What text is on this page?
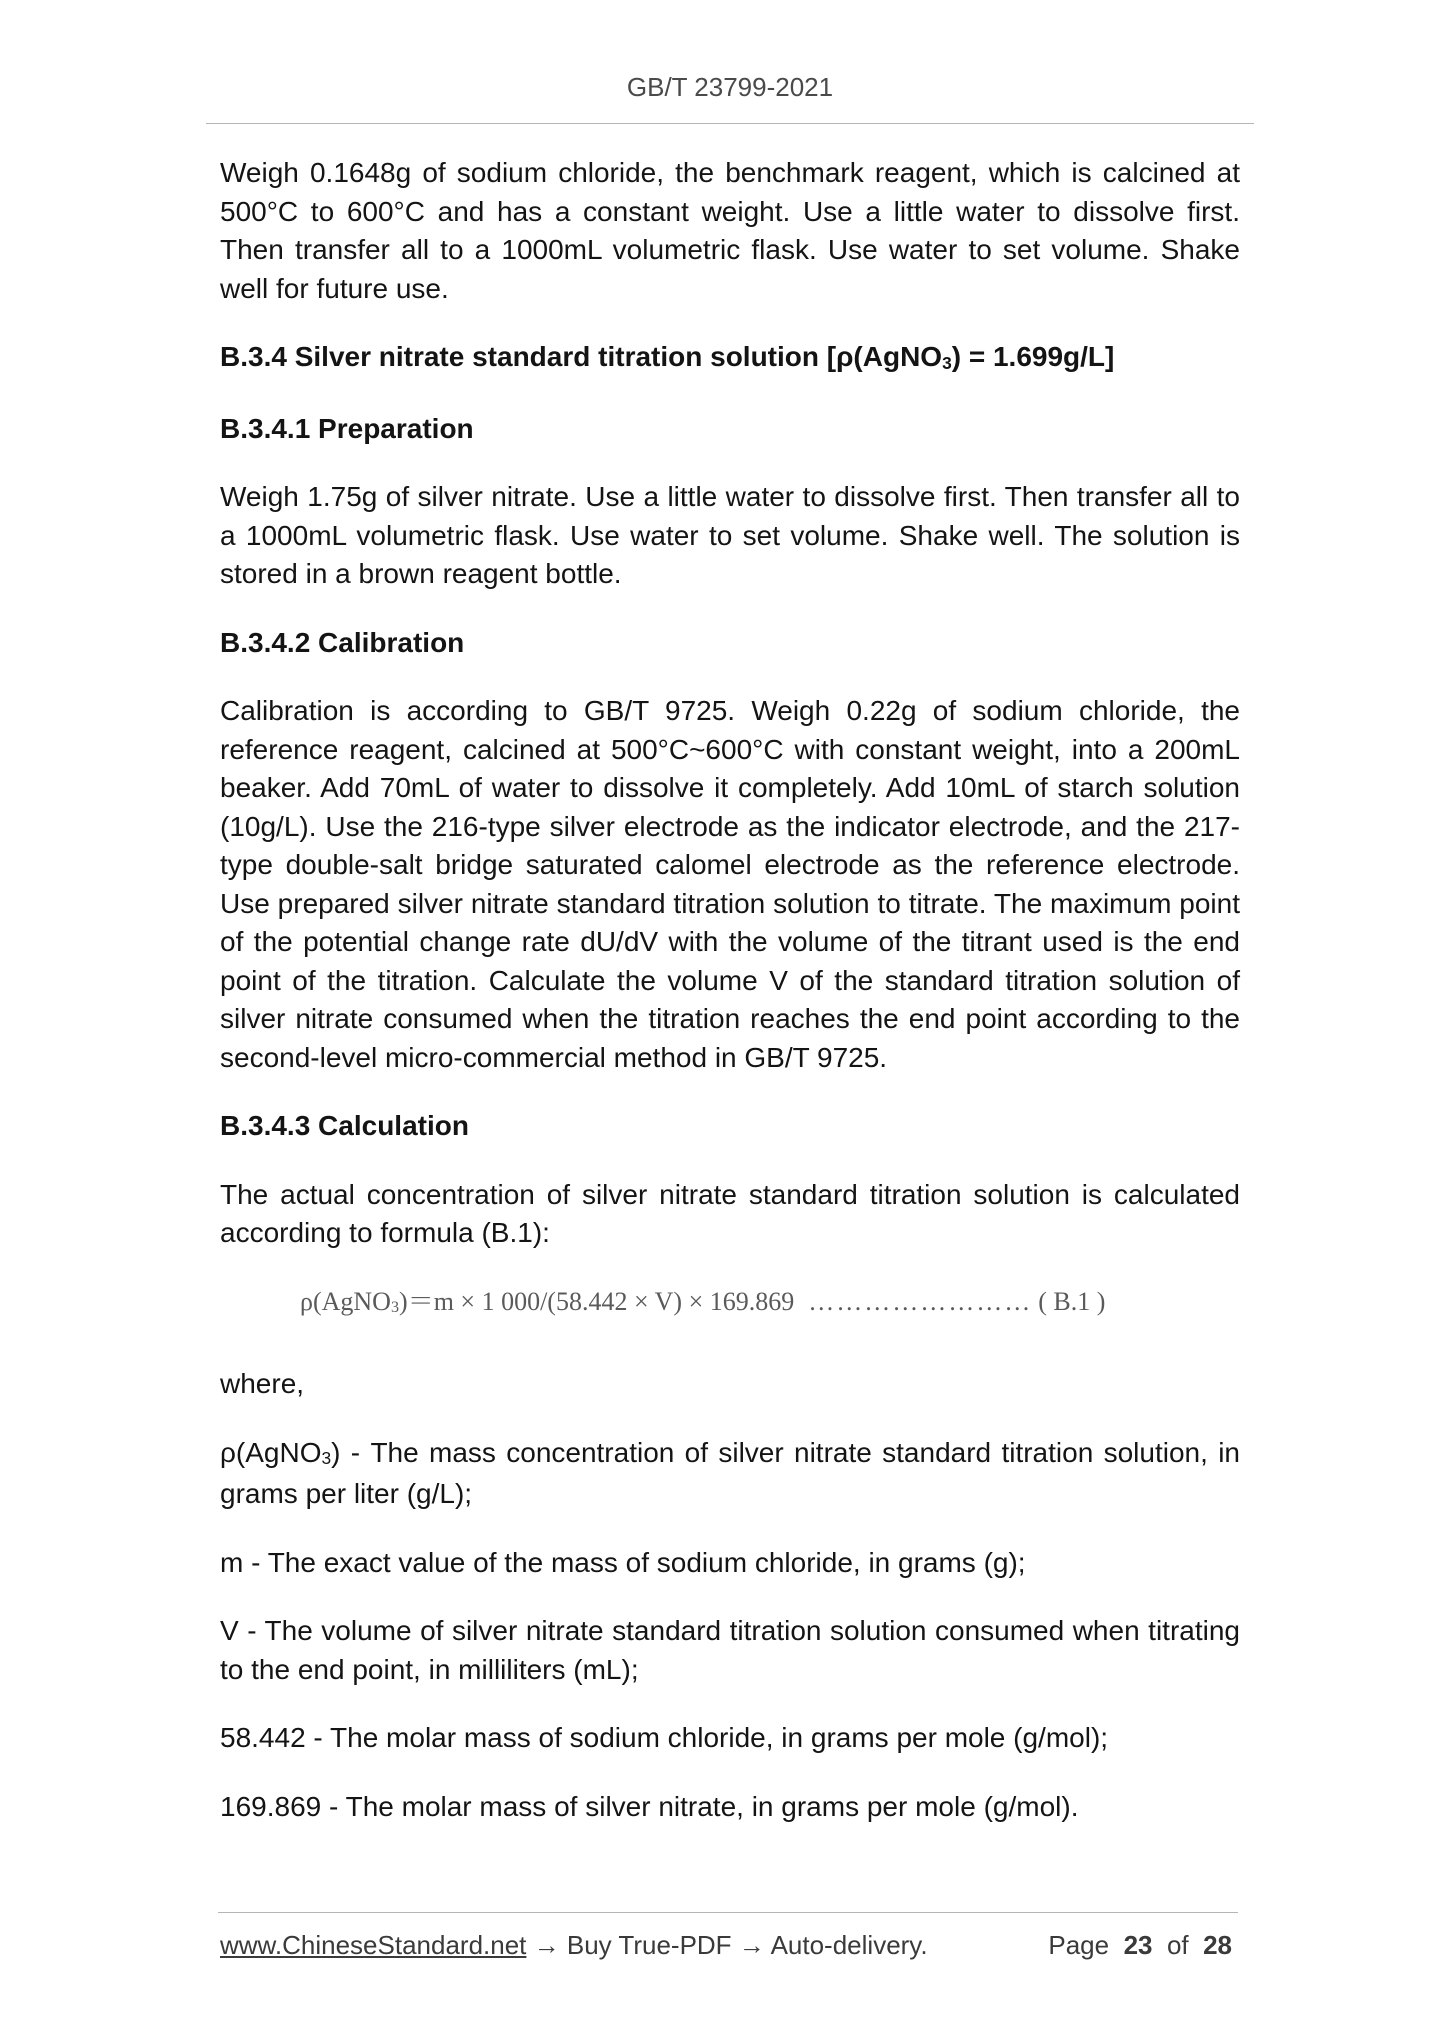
GB/T 23799-2021

Weigh 0.1648g of sodium chloride, the benchmark reagent, which is calcined at 500°C to 600°C and has a constant weight. Use a little water to dissolve first. Then transfer all to a 1000mL volumetric flask. Use water to set volume. Shake well for future use.

B.3.4 Silver nitrate standard titration solution [ρ(AgNO$_3$) = 1.699g/L]

B.3.4.1 Preparation

Weigh 1.75g of silver nitrate. Use a little water to dissolve first. Then transfer all to a 1000mL volumetric flask. Use water to set volume. Shake well. The solution is stored in a brown reagent bottle.

B.3.4.2 Calibration

Calibration is according to GB/T 9725. Weigh 0.22g of sodium chloride, the reference reagent, calcined at 500°C~600°C with constant weight, into a 200mL beaker. Add 70mL of water to dissolve it completely. Add 10mL of starch solution (10g/L). Use the 216-type silver electrode as the indicator electrode, and the 217-type double-salt bridge saturated calomel electrode as the reference electrode. Use prepared silver nitrate standard titration solution to titrate. The maximum point of the potential change rate dU/dV with the volume of the titrant used is the end point of the titration. Calculate the volume V of the standard titration solution of silver nitrate consumed when the titration reaches the end point according to the second-level micro-commercial method in GB/T 9725.

B.3.4.3 Calculation

The actual concentration of silver nitrate standard titration solution is calculated according to formula (B.1):

ρ(AgNO$_3$)＝m × 1 000/(58.442 × V) × 169.869 …………………… ( B.1 )

where,

ρ(AgNO$_3$) - The mass concentration of silver nitrate standard titration solution, in grams per liter (g/L);

m - The exact value of the mass of sodium chloride, in grams (g);

V - The volume of silver nitrate standard titration solution consumed when titrating to the end point, in milliliters (mL);

58.442 - The molar mass of sodium chloride, in grams per mole (g/mol);

169.869 - The molar mass of silver nitrate, in grams per mole (g/mol).

www.ChineseStandard.net → Buy True-PDF → Auto-delivery.	Page 23 of 28
